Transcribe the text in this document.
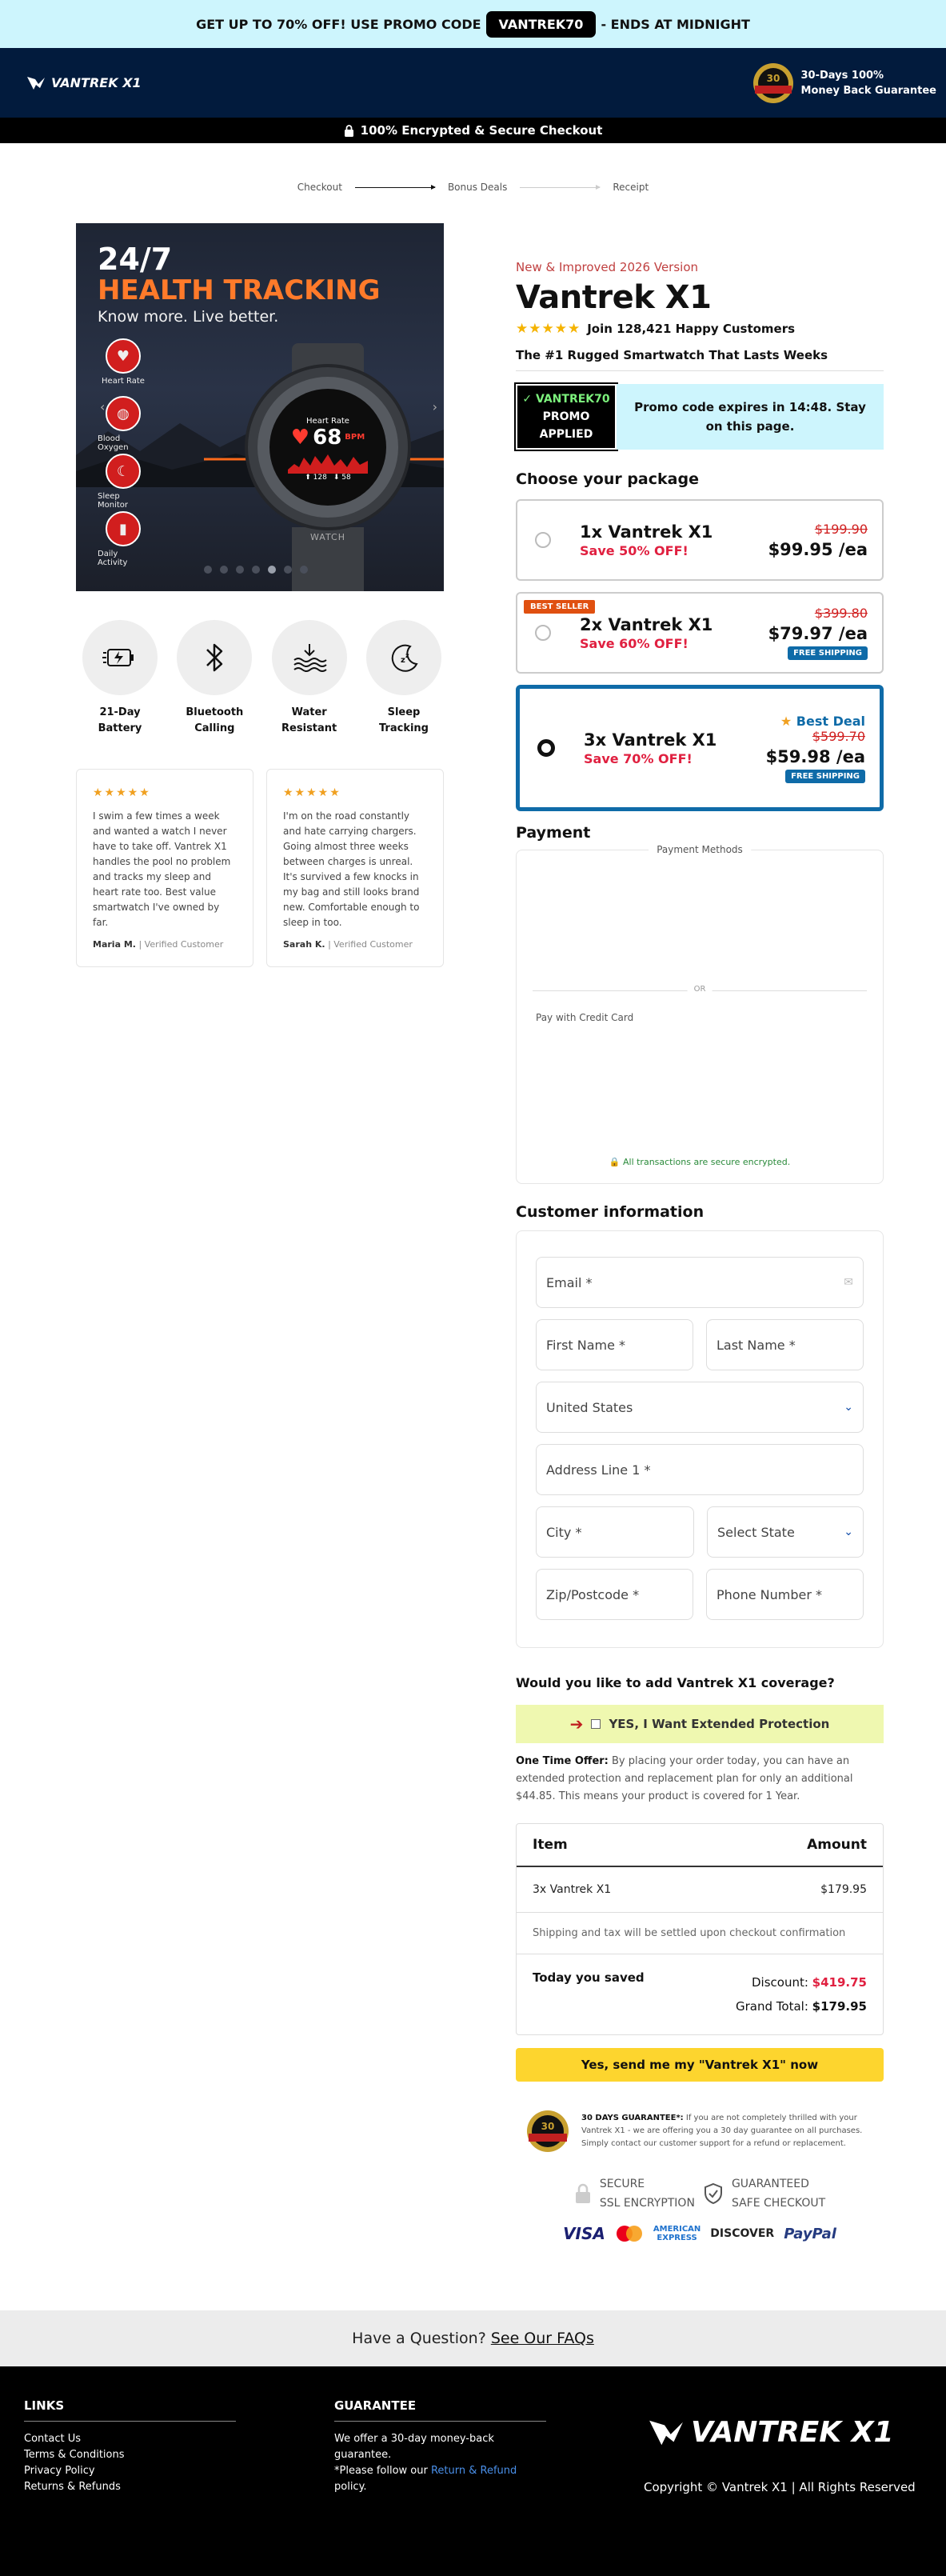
GET UP TO 70% OFF! USE PROMO CODE	VANTREK70	- ENDS AT MIDNIGHT
VANTREK X1	30 30-Days 100%
Money Back Guarantee
100% Encrypted & Secure Checkout
Checkout	Bonus Deals	Receipt
24/7
HEALTH TRACKING
Know more. Live better.
♥
Heart Rate
◍
Blood Oxygen
☾
Sleep Monitor
▮
Daily Activity
WATCH
Heart Rate
♥ 68 BPM
⬆ 128 ⬇ 58
‹	›
21-Day
Battery
Bluetooth
Calling
Water
Resistant
z
z
Sleep Tracking
★★★★★
I swim a few times a week and wanted a watch I never have to take off. Vantrek X1 handles the pool no problem and tracks my sleep and heart rate too. Best value smartwatch I've owned by far.
Maria M. | Verified Customer
★★★★★
I'm on the road constantly and hate carrying chargers. Going almost three weeks between charges is unreal. It's survived a few knocks in my bag and still looks brand new. Comfortable enough to sleep in too.
Sarah K. | Verified Customer
New & Improved 2026 Version
Vantrek X1
★★★★★ Join 128,421 Happy Customers
The #1 Rugged Smartwatch That Lasts Weeks
✓ VANTREK70
PROMO
APPLIED
Promo code expires in 14:48. Stay on this page.
Choose your package
1x Vantrek X1
Save 50% OFF!
$199.90
$99.95 /ea
BEST SELLER
2x Vantrek X1
Save 60% OFF!
$399.80
$79.97 /ea
FREE SHIPPING
3x Vantrek X1
Save 70% OFF!
★ Best Deal
$599.70
$59.98 /ea
FREE SHIPPING
Payment
Payment Methods
OR
Pay with Credit Card
🔒 All transactions are secure encrypted.
Customer information
Email *	✉
First Name *	Last Name *
United States	⌄
Address Line 1 *
City *	Select State	⌄
Zip/Postcode *	Phone Number *
Would you like to add Vantrek X1 coverage?
➔ YES, I Want Extended Protection
One Time Offer: By placing your order today, you can have an extended protection and replacement plan for only an additional $44.85. This means your product is covered for 1 Year.
Item	Amount
3x Vantrek X1	$179.95
Shipping and tax will be settled upon checkout confirmation
Today you saved	Discount: $419.75
Grand Total: $179.95
Yes, send me my "Vantrek X1" now
30
30 DAYS GUARANTEE*: If you are not completely thrilled with your Vantrek X1 - we are offering you a 30 day guarantee on all purchases. Simply contact our customer support for a refund or replacement.
SECURE
SSL ENCRYPTION
GUARANTEED
SAFE CHECKOUT
VISA	AMERICAN
EXPRESS	DISCOVER PayPal
Have a Question? See Our FAQs
LINKS
Contact Us
Terms & Conditions
Privacy Policy
Returns & Refunds
GUARANTEE
We offer a 30-day money-back guarantee.
*Please follow our Return & Refund policy.
VANTREK X1
Copyright © Vantrek X1 | All Rights Reserved
